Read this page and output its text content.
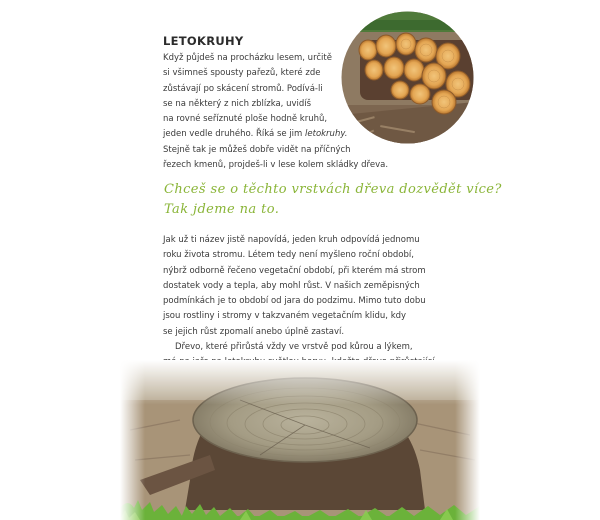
LETOKRUHY
Když půjdeš na procházku lesem, určitě
si všimneš spousty pařezů, které zde
zůstávají po skácení stromů. Podívá‑li
se na některý z nich zblízka, uvidíš
na rovné seříznuté ploše hodně kruhů,
jeden vedle druhého. Říká se jim letokruhy.
Stejně tak je můžeš dobře vidět na příčných
řezech kmenů, projdeš‑li v lese kolem skládky dřeva.
Chceš se o těchto vrstvách dřeva dozvědět více?
Tak jdeme na to.
Jak už ti název jistě napovídá, jeden kruh odpovídá jednomu
roku života stromu. Létem tedy není myšleno roční období,
nýbrž odborně řečeno vegetační období, při kterém má strom
dostatek vody a tepla, aby mohl růst. V našich zeměpisných
podmínkách je to období od jara do podzimu. Mimo tuto dobu
jsou rostliny i stromy v takzvaném vegetačním klidu, kdy
se jejich růst zpomalí anebo úplně zastaví.
Dřevo, které přirůstá vždy ve vrstvě pod kůrou a lýkem,
